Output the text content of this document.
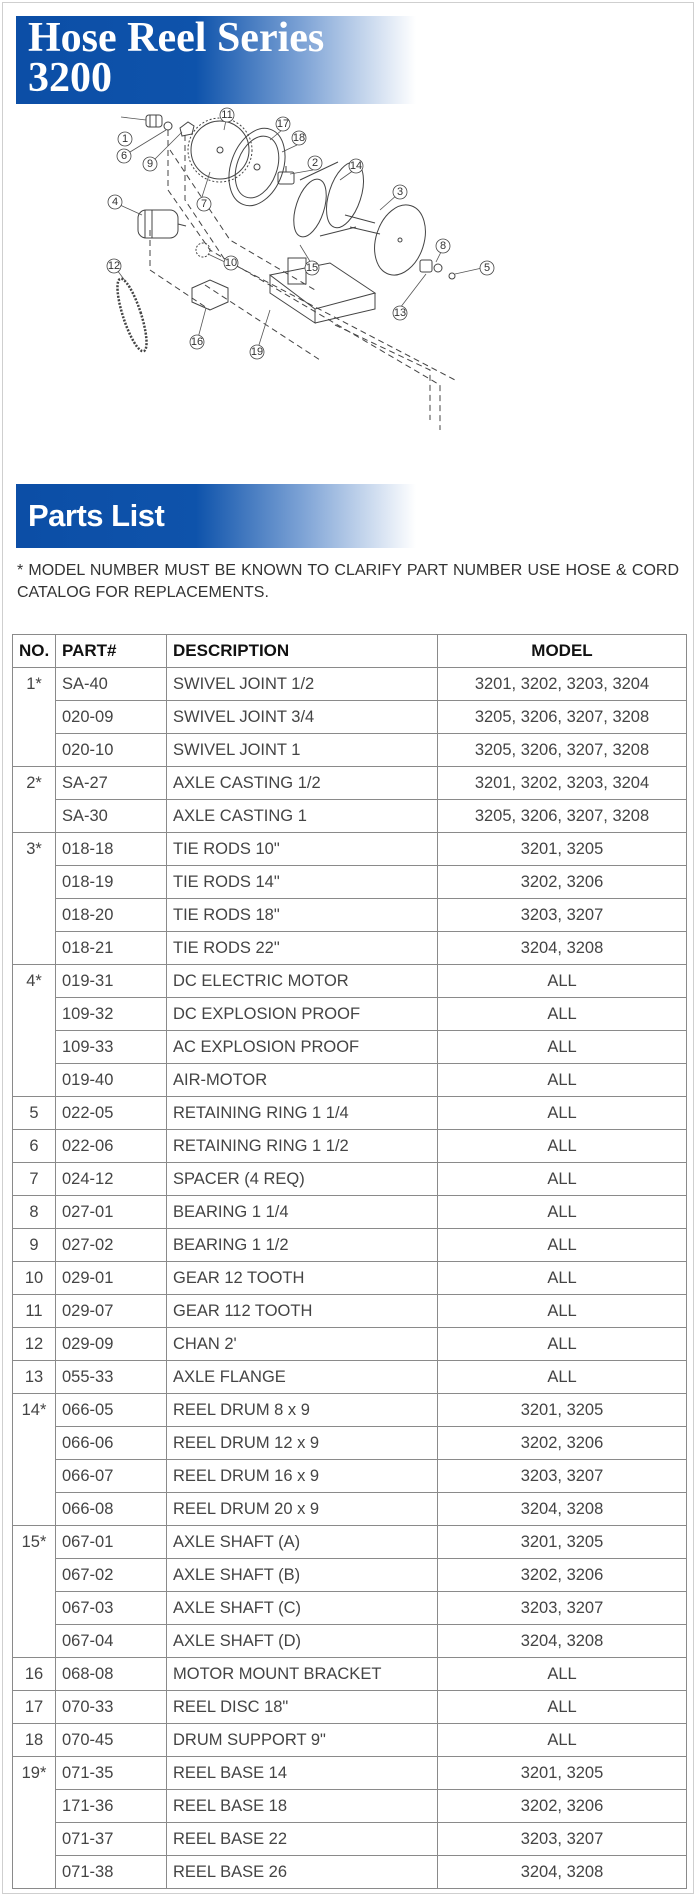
Hose Reel Series
3200
1
2
3
4
5
6
7
8
9
10
11
12
13
14
15
16
17
18
19
Parts List
* MODEL NUMBER MUST BE KNOWN TO CLARIFY PART NUMBER USE HOSE & CORD CATALOG FOR REPLACEMENTS.
NO.	PART#	DESCRIPTION	MODEL
1*	SA-40	SWIVEL JOINT 1/2	3201, 3202, 3203, 3204
	020-09	SWIVEL JOINT 3/4	3205, 3206, 3207, 3208
	020-10	SWIVEL JOINT 1	3205, 3206, 3207, 3208
2*	SA-27	AXLE CASTING 1/2	3201, 3202, 3203, 3204
	SA-30	AXLE CASTING 1	3205, 3206, 3207, 3208
3*	018-18	TIE RODS 10"	3201, 3205
	018-19	TIE RODS 14"	3202, 3206
	018-20	TIE RODS 18"	3203, 3207
	018-21	TIE RODS 22"	3204, 3208
4*	019-31	DC ELECTRIC MOTOR	ALL
	109-32	DC EXPLOSION PROOF	ALL
	109-33	AC EXPLOSION PROOF	ALL
	019-40	AIR-MOTOR	ALL
5	022-05	RETAINING RING 1 1/4	ALL
6	022-06	RETAINING RING 1 1/2	ALL
7	024-12	SPACER (4 REQ)	ALL
8	027-01	BEARING 1 1/4	ALL
9	027-02	BEARING 1 1/2	ALL
10	029-01	GEAR 12 TOOTH	ALL
11	029-07	GEAR 112 TOOTH	ALL
12	029-09	CHAN 2'	ALL
13	055-33	AXLE FLANGE	ALL
14*	066-05	REEL DRUM 8 x 9	3201, 3205
	066-06	REEL DRUM 12 x 9	3202, 3206
	066-07	REEL DRUM 16 x 9	3203, 3207
	066-08	REEL DRUM 20 x 9	3204, 3208
15*	067-01	AXLE SHAFT (A)	3201, 3205
	067-02	AXLE SHAFT (B)	3202, 3206
	067-03	AXLE SHAFT (C)	3203, 3207
	067-04	AXLE SHAFT (D)	3204, 3208
16	068-08	MOTOR MOUNT BRACKET	ALL
17	070-33	REEL DISC 18"	ALL
18	070-45	DRUM SUPPORT 9"	ALL
19*	071-35	REEL BASE 14	3201, 3205
	171-36	REEL BASE 18	3202, 3206
	071-37	REEL BASE 22	3203, 3207
	071-38	REEL BASE 26	3204, 3208
